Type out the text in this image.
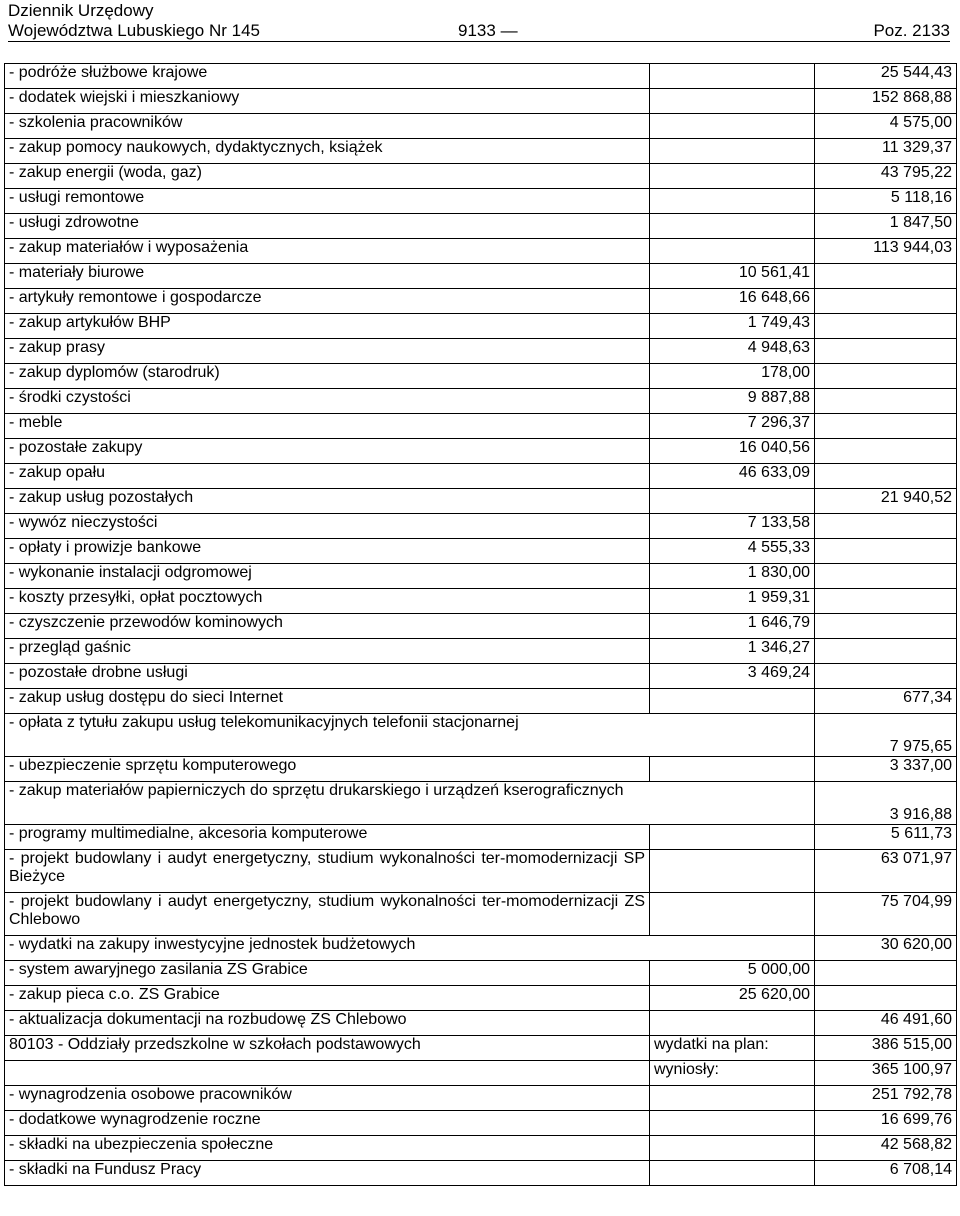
Dziennik Urzędowy
Województwa Lubuskiego Nr 145	9133 —	Poz. 2133
- podróże służbowe krajowe		25 544,43
- dodatek wiejski i mieszkaniowy		152 868,88
- szkolenia pracowników		4 575,00
- zakup pomocy naukowych, dydaktycznych, książek		11 329,37
- zakup energii (woda, gaz)		43 795,22
- usługi remontowe		5 118,16
- usługi zdrowotne		1 847,50
- zakup materiałów i wyposażenia		113 944,03
- materiały biurowe	10 561,41	
- artykuły remontowe i gospodarcze	16 648,66	
- zakup artykułów BHP	1 749,43	
- zakup prasy	4 948,63	
- zakup dyplomów (starodruk)	178,00	
- środki czystości	9 887,88	
- meble	7 296,37	
- pozostałe zakupy	16 040,56	
- zakup opału	46 633,09	
- zakup usług pozostałych		21 940,52
- wywóz nieczystości	7 133,58	
- opłaty i prowizje bankowe	4 555,33	
- wykonanie instalacji odgromowej	1 830,00	
- koszty przesyłki, opłat pocztowych	1 959,31	
- czyszczenie przewodów kominowych	1 646,79	
- przegląd gaśnic	1 346,27	
- pozostałe drobne usługi	3 469,24	
- zakup usług dostępu do sieci Internet		677,34
- opłata z tytułu zakupu usług telekomunikacyjnych telefonii stacjonarnej		7 975,65
- ubezpieczenie sprzętu komputerowego		3 337,00
- zakup materiałów papierniczych do sprzętu drukarskiego i urządzeń kserograficznych		3 916,88
- programy multimedialne, akcesoria komputerowe		5 611,73
- projekt budowlany i audyt energetyczny, studium wykonalności ter-momodernizacji SP Bieżyce		63 071,97
- projekt budowlany i audyt energetyczny, studium wykonalności ter-momodernizacji ZS Chlebowo		75 704,99
- wydatki na zakupy inwestycyjne jednostek budżetowych		30 620,00
- system awaryjnego zasilania ZS Grabice	5 000,00	
- zakup pieca c.o. ZS Grabice	25 620,00	
- aktualizacja dokumentacji na rozbudowę ZS Chlebowo		46 491,60
80103 - Oddziały przedszkolne w szkołach podstawowych	wydatki na plan:	386 515,00
	wyniosły:	365 100,97
- wynagrodzenia osobowe pracowników		251 792,78
- dodatkowe wynagrodzenie roczne		16 699,76
- składki na ubezpieczenia społeczne		42 568,82
- składki na Fundusz Pracy		6 708,14
